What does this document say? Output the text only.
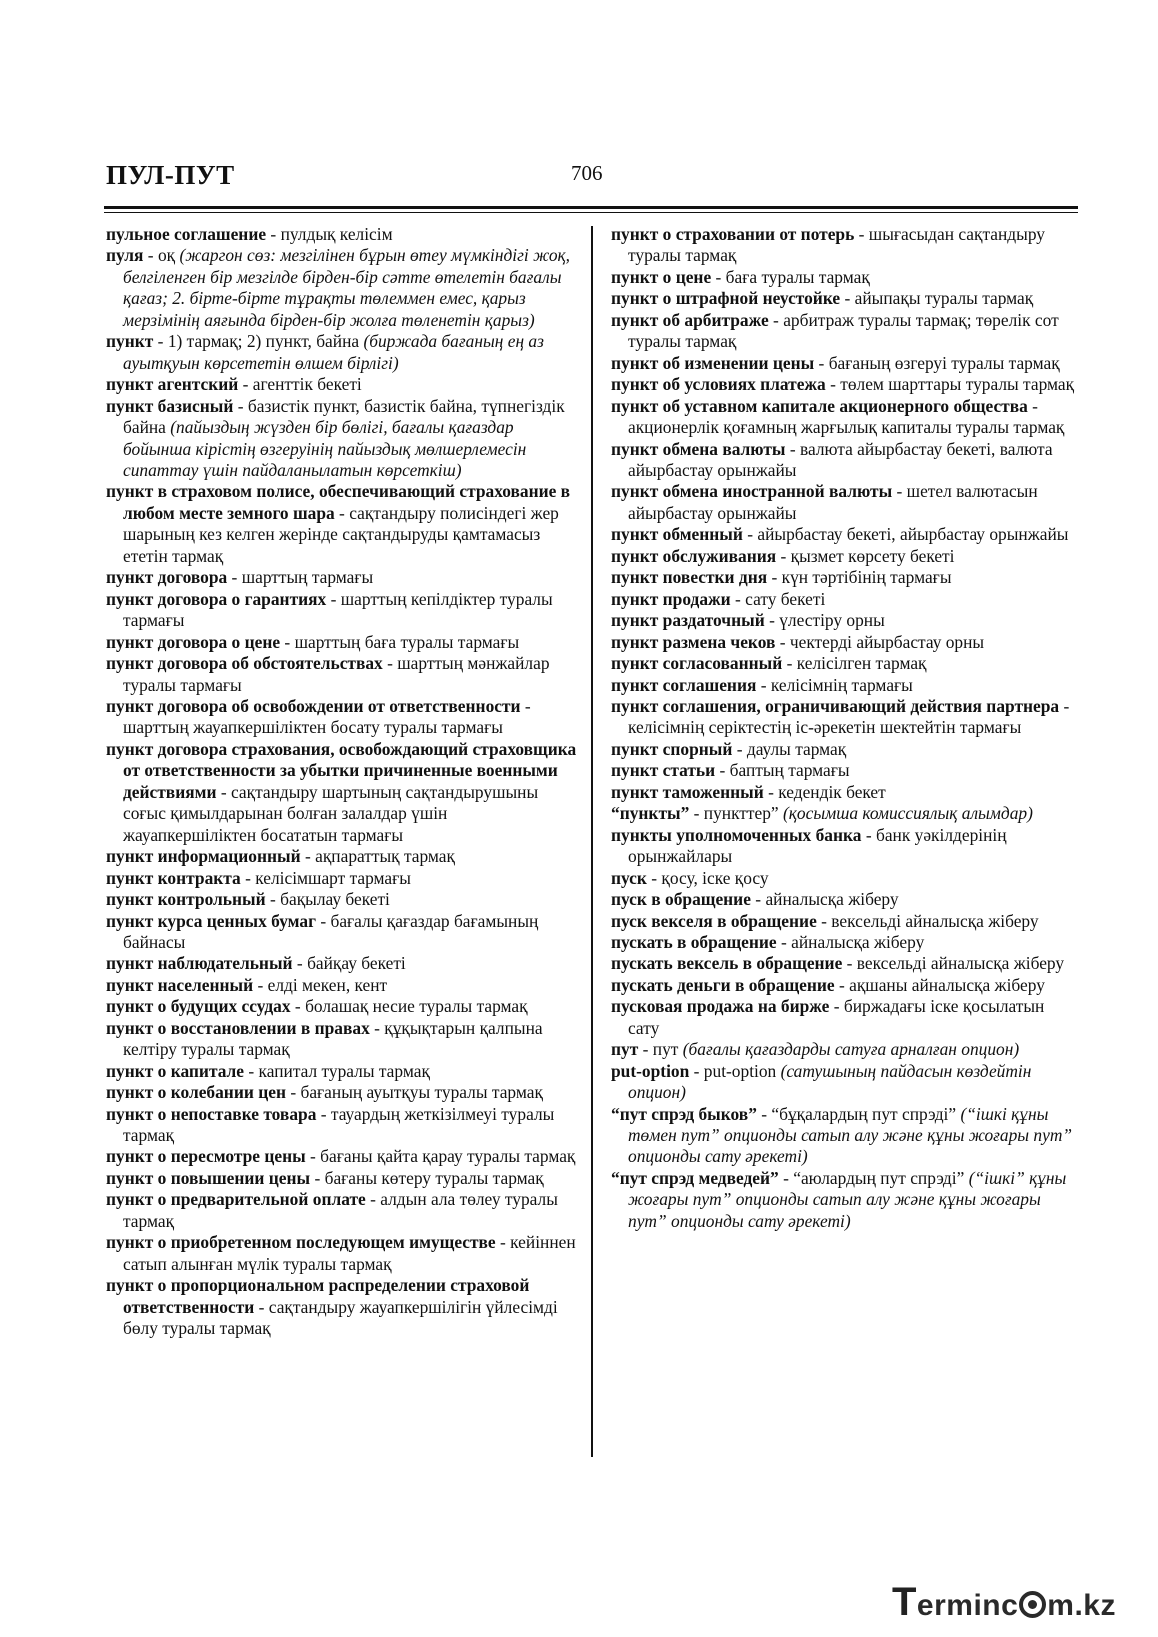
ПУЛ-ПУТ	706
пульное соглашение - пулдық келісім
пуля - оқ (жаргон сөз: мезгілінен бұрын өтеу мүмкіндігі жоқ, белгіленген бір мезгілде бірден-бір сәтте өтелетін бағалы қағаз; 2. бірте-бірте тұрақты төлеммен емес, қарыз мерзімінің аяғында бірден-бір жолға төленетін қарыз)
пункт - 1) тармақ; 2) пункт, байна (биржада бағаның ең аз ауытқуын көрсететін өлшем бірлігі)
пункт агентский - агенттік бекеті
пункт базисный - базистік пункт, базистік байна, түпнегіздік байна (пайыздың жүзден бір бөлігі, бағалы қағаздар бойынша кірістің өзгеруінің пайыздық мөлшерлемесін сипаттау үшін пайдаланылатын көрсеткіш)
пункт в страховом полисе, обеспечивающий страхование в любом месте земного шара - сақтандыру полисіндегі жер шарының кез келген жерінде сақтандыруды қамтамасыз ететін тармақ
пункт договора - шарттың тармағы
пункт договора о гарантиях - шарттың кепілдіктер туралы тармағы
пункт договора о цене - шарттың баға туралы тармағы
пункт договора об обстоятельствах - шарттың мәнжайлар туралы тармағы
пункт договора об освобождении от ответственности - шарттың жауапкершіліктен босату туралы тармағы
пункт договора страхования, освобождающий страховщика от ответственности за убытки причиненные военными действиями - сақтандыру шартының сақтандырушыны соғыс қимылдарынан болған залалдар үшін жауапкершіліктен босататын тармағы
пункт информационный - ақпараттық тармақ
пункт контракта - келісімшарт тармағы
пункт контрольный - бақылау бекеті
пункт курса ценных бумаг - бағалы қағаздар бағамының байнасы
пункт наблюдательный - байқау бекеті
пункт населенный - елді мекен, кент
пункт о будущих ссудах - болашақ несие туралы тармақ
пункт о восстановлении в правах - құқықтарын қалпына келтіру туралы тармақ
пункт о капитале - капитал туралы тармақ
пункт о колебании цен - бағаның ауытқуы туралы тармақ
пункт о непоставке товара - тауардың жеткізілмеуі туралы тармақ
пункт о пересмотре цены - бағаны қайта қарау туралы тармақ
пункт о повышении цены - бағаны көтеру туралы тармақ
пункт о предварительной оплате - алдын ала төлеу туралы тармақ
пункт о приобретенном последующем имуществе - кейіннен сатып алынған мүлік туралы тармақ
пункт о пропорциональном распределении страховой ответственности - сақтандыру жауапкершілігін үйлесімді бөлу туралы тармақ
пункт о страховании от потерь - шығасыдан сақтандыру туралы тармақ
пункт о цене - баға туралы тармақ
пункт о штрафной неустойке - айыпақы туралы тармақ
пункт об арбитраже - арбитраж туралы тармақ; төрелік сот туралы тармақ
пункт об изменении цены - бағаның өзгеруі туралы тармақ
пункт об условиях платежа - төлем шарттары туралы тармақ
пункт об уставном капитале акционерного общества - акционерлік қоғамның жарғылық капиталы туралы тармақ
пункт обмена валюты - валюта айырбастау бекеті, валюта айырбастау орынжайы
пункт обмена иностранной валюты - шетел валютасын айырбастау орынжайы
пункт обменный - айырбастау бекеті, айырбастау орынжайы
пункт обслуживания - қызмет көрсету бекеті
пункт повестки дня - күн тәртібінің тармағы
пункт продажи - сату бекеті
пункт раздаточный - үлестіру орны
пункт размена чеков - чектерді айырбастау орны
пункт согласованный - келісілген тармақ
пункт соглашения - келісімнің тармағы
пункт соглашения, ограничивающий действия партнера - келісімнің серіктестің іс-әрекетін шектейтін тармағы
пункт спорный - даулы тармақ
пункт статьи - баптың тармағы
пункт таможенный - кедендік бекет
“пункты” - пункттер” (қосымша комиссиялық алымдар)
пункты уполномоченных банка - банк уәкілдерінің орынжайлары
пуск - қосу, іске қосу
пуск в обращение - айналысқа жіберу
пуск векселя в обращение - вексельді айналысқа жіберу
пускать в обращение - айналысқа жіберу
пускать вексель в обращение - вексельді айналысқа жіберу
пускать деньги в обращение - ақшаны айналысқа жіберу
пусковая продажа на бирже - биржадағы іске қосылатын сату
пут - пут (бағалы қағаздарды сатуға арналған опцион)
put-option - put-option (сатушының пайдасын көздейтін опцион)
“пут спрэд быков” - “бұқалардың пут спрэді” (“ішкі құны төмен пут” опционды сатып алу және құны жоғары пут” опционды сату әрекеті)
“пут спрэд медведей” - “аюлардың пут спрэді” (“ішкі” құны жоғары пут” опционды сатып алу және құны жоғары пут” опционды сату әрекеті)
Terminc m.kz
